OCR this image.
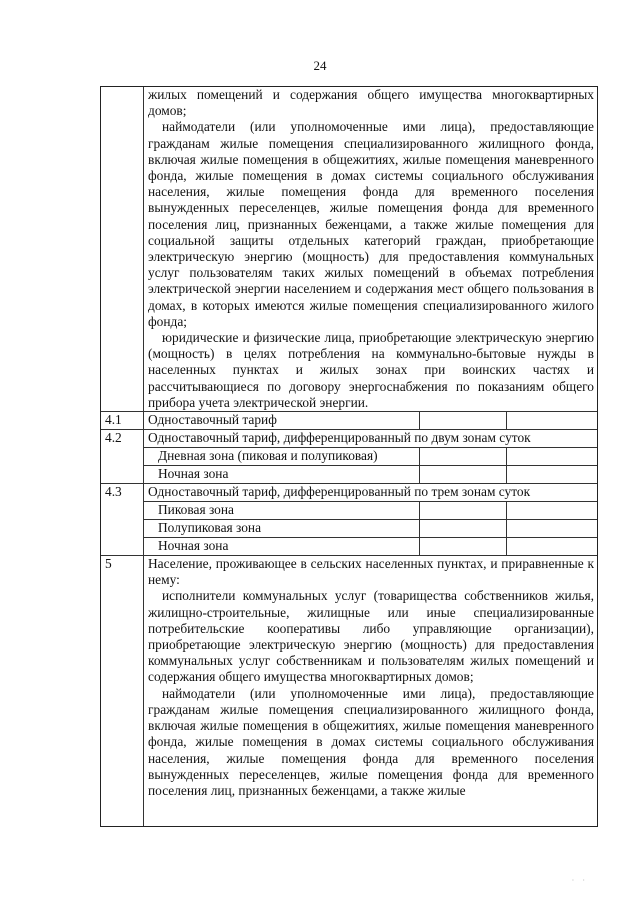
24

жилых помещений и содержания общего имущества многоквартирных домов;

наймодатели (или уполномоченные ими лица), предоставляющие гражданам жилые помещения специализированного жилищного фонда, включая жилые помещения в общежитиях, жилые помещения маневренного фонда, жилые помещения в домах системы социального обслуживания населения, жилые помещения фонда для временного поселения вынужденных переселенцев, жилые помещения фонда для временного поселения лиц, признанных беженцами, а также жилые помещения для социальной защиты отдельных категорий граждан, приобретающие электрическую энергию (мощность) для предоставления коммунальных услуг пользователям таких жилых помещений в объемах потребления электрической энергии населением и содержания мест общего пользования в домах, в которых имеются жилые помещения специализированного жилого фонда;

юридические и физические лица, приобретающие электрическую энергию (мощность) в целях потребления на коммунально-бытовые нужды в населенных пунктах и жилых зонах при воинских частях и рассчитывающиеся по договору энергоснабжения по показаниям общего прибора учета электрической энергии.

4.1	Одноставочный тариф
4.2	Одноставочный тариф, дифференцированный по двум зонам суток
Дневная зона (пиковая и полупиковая)
Ночная зона
4.3	Одноставочный тариф, дифференцированный по трем зонам суток
Пиковая зона
Полупиковая зона
Ночная зона
5	Население, проживающее в сельских населенных пунктах, и приравненные к нему:

исполнители коммунальных услуг (товарищества собственников жилья, жилищно-строительные, жилищные или иные специализированные потребительские кооперативы либо управляющие организации), приобретающие электрическую энергию (мощность) для предоставления коммунальных услуг собственникам и пользователям жилых помещений и содержания общего имущества многоквартирных домов;

наймодатели (или уполномоченные ими лица), предоставляющие гражданам жилые помещения специализированного жилищного фонда, включая жилые помещения в общежитиях, жилые помещения маневренного фонда, жилые помещения в домах системы социального обслуживания населения, жилые помещения фонда для временного поселения вынужденных переселенцев, жилые помещения фонда для временного поселения лиц, признанных беженцами, а также жилые

· ·
